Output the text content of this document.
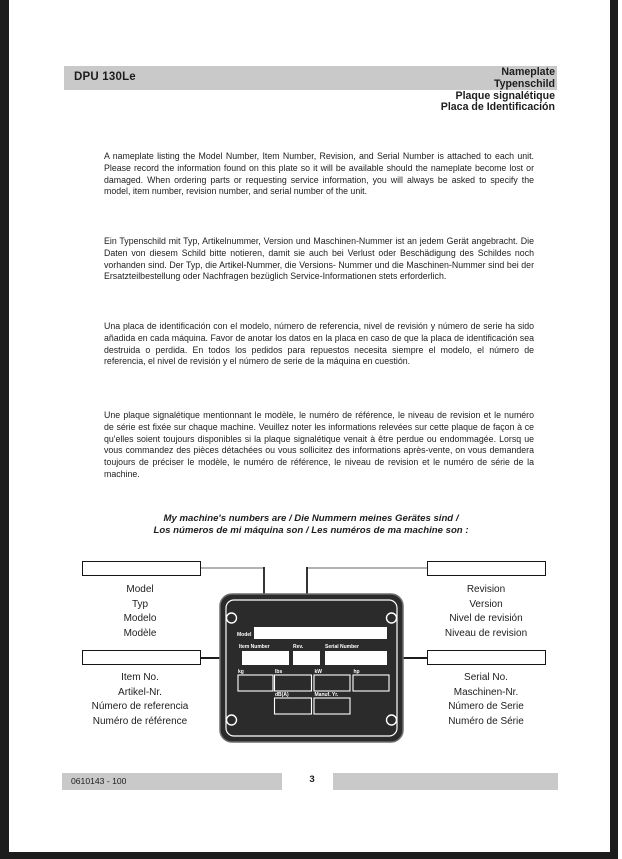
DPU 130Le	Nameplate
Typenschild
Plaque signalétique
Placa de Identificación
A nameplate listing the Model Number, Item Number, Revision, and Serial Number is attached to each unit. Please record the information found on this plate so it will be available should the nameplate become lost or damaged. When ordering parts or requesting service information, you will always be asked to specify the model, item number, revision number, and serial number of the unit.
Ein Typenschild mit Typ, Artikelnummer, Version und Maschinen-Nummer ist an jedem Gerät angebracht. Die Daten von diesem Schild bitte notieren, damit sie auch bei Verlust oder Beschädigung des Schildes noch vorhanden sind. Der Typ, die Artikel-Nummer, die Versions- Nummer und die Maschinen-Nummer sind bei der Ersatzteilbestellung oder Nachfragen bezüglich Service-Informationen stets erforderlich.
Una placa de identificación con el modelo, número de referencia, nivel de revisión y número de serie ha sido añadida en cada máquina. Favor de anotar los datos en la placa en caso de que la placa de identificación sea destruida o perdida. En todos los pedidos para repuestos necesita siempre el modelo, el número de referencia, el nivel de revisión y el número de serie de la máquina en cuestión.
Une plaque signalétique mentionnant le modèle, le numéro de référence, le niveau de revision et le numéro de série est fixée sur chaque machine. Veuillez noter les informations relevées sur cette plaque de façon à ce qu'elles soient toujours disponibles si la plaque signalétique venait à être perdue ou endommagée. Lorsq ue vous commandez des pièces détachées ou vous sollicitez des informations après-vente, on vous demandera toujours de préciser le modèle, le numéro de référence, le niveau de revision et le numéro de série de la machine.
My machine's numbers are / Die Nummern meines Gerätes sind /
Los números de mi máquina son / Les numéros de ma machine son :
Model
Item Number	Rev.	Serial Number
kg	lbs	kW	hp
dB(A)	Manuf. Yr.
Model
Typ
Modelo
Modèle
Revision
Version
Nivel de revisión
Niveau de revision
Item No.
Artikel-Nr.
Número de referencia
Numéro de référence
Serial No.
Maschinen-Nr.
Número de Serie
Numéro de Série
0610143 - 100	3
